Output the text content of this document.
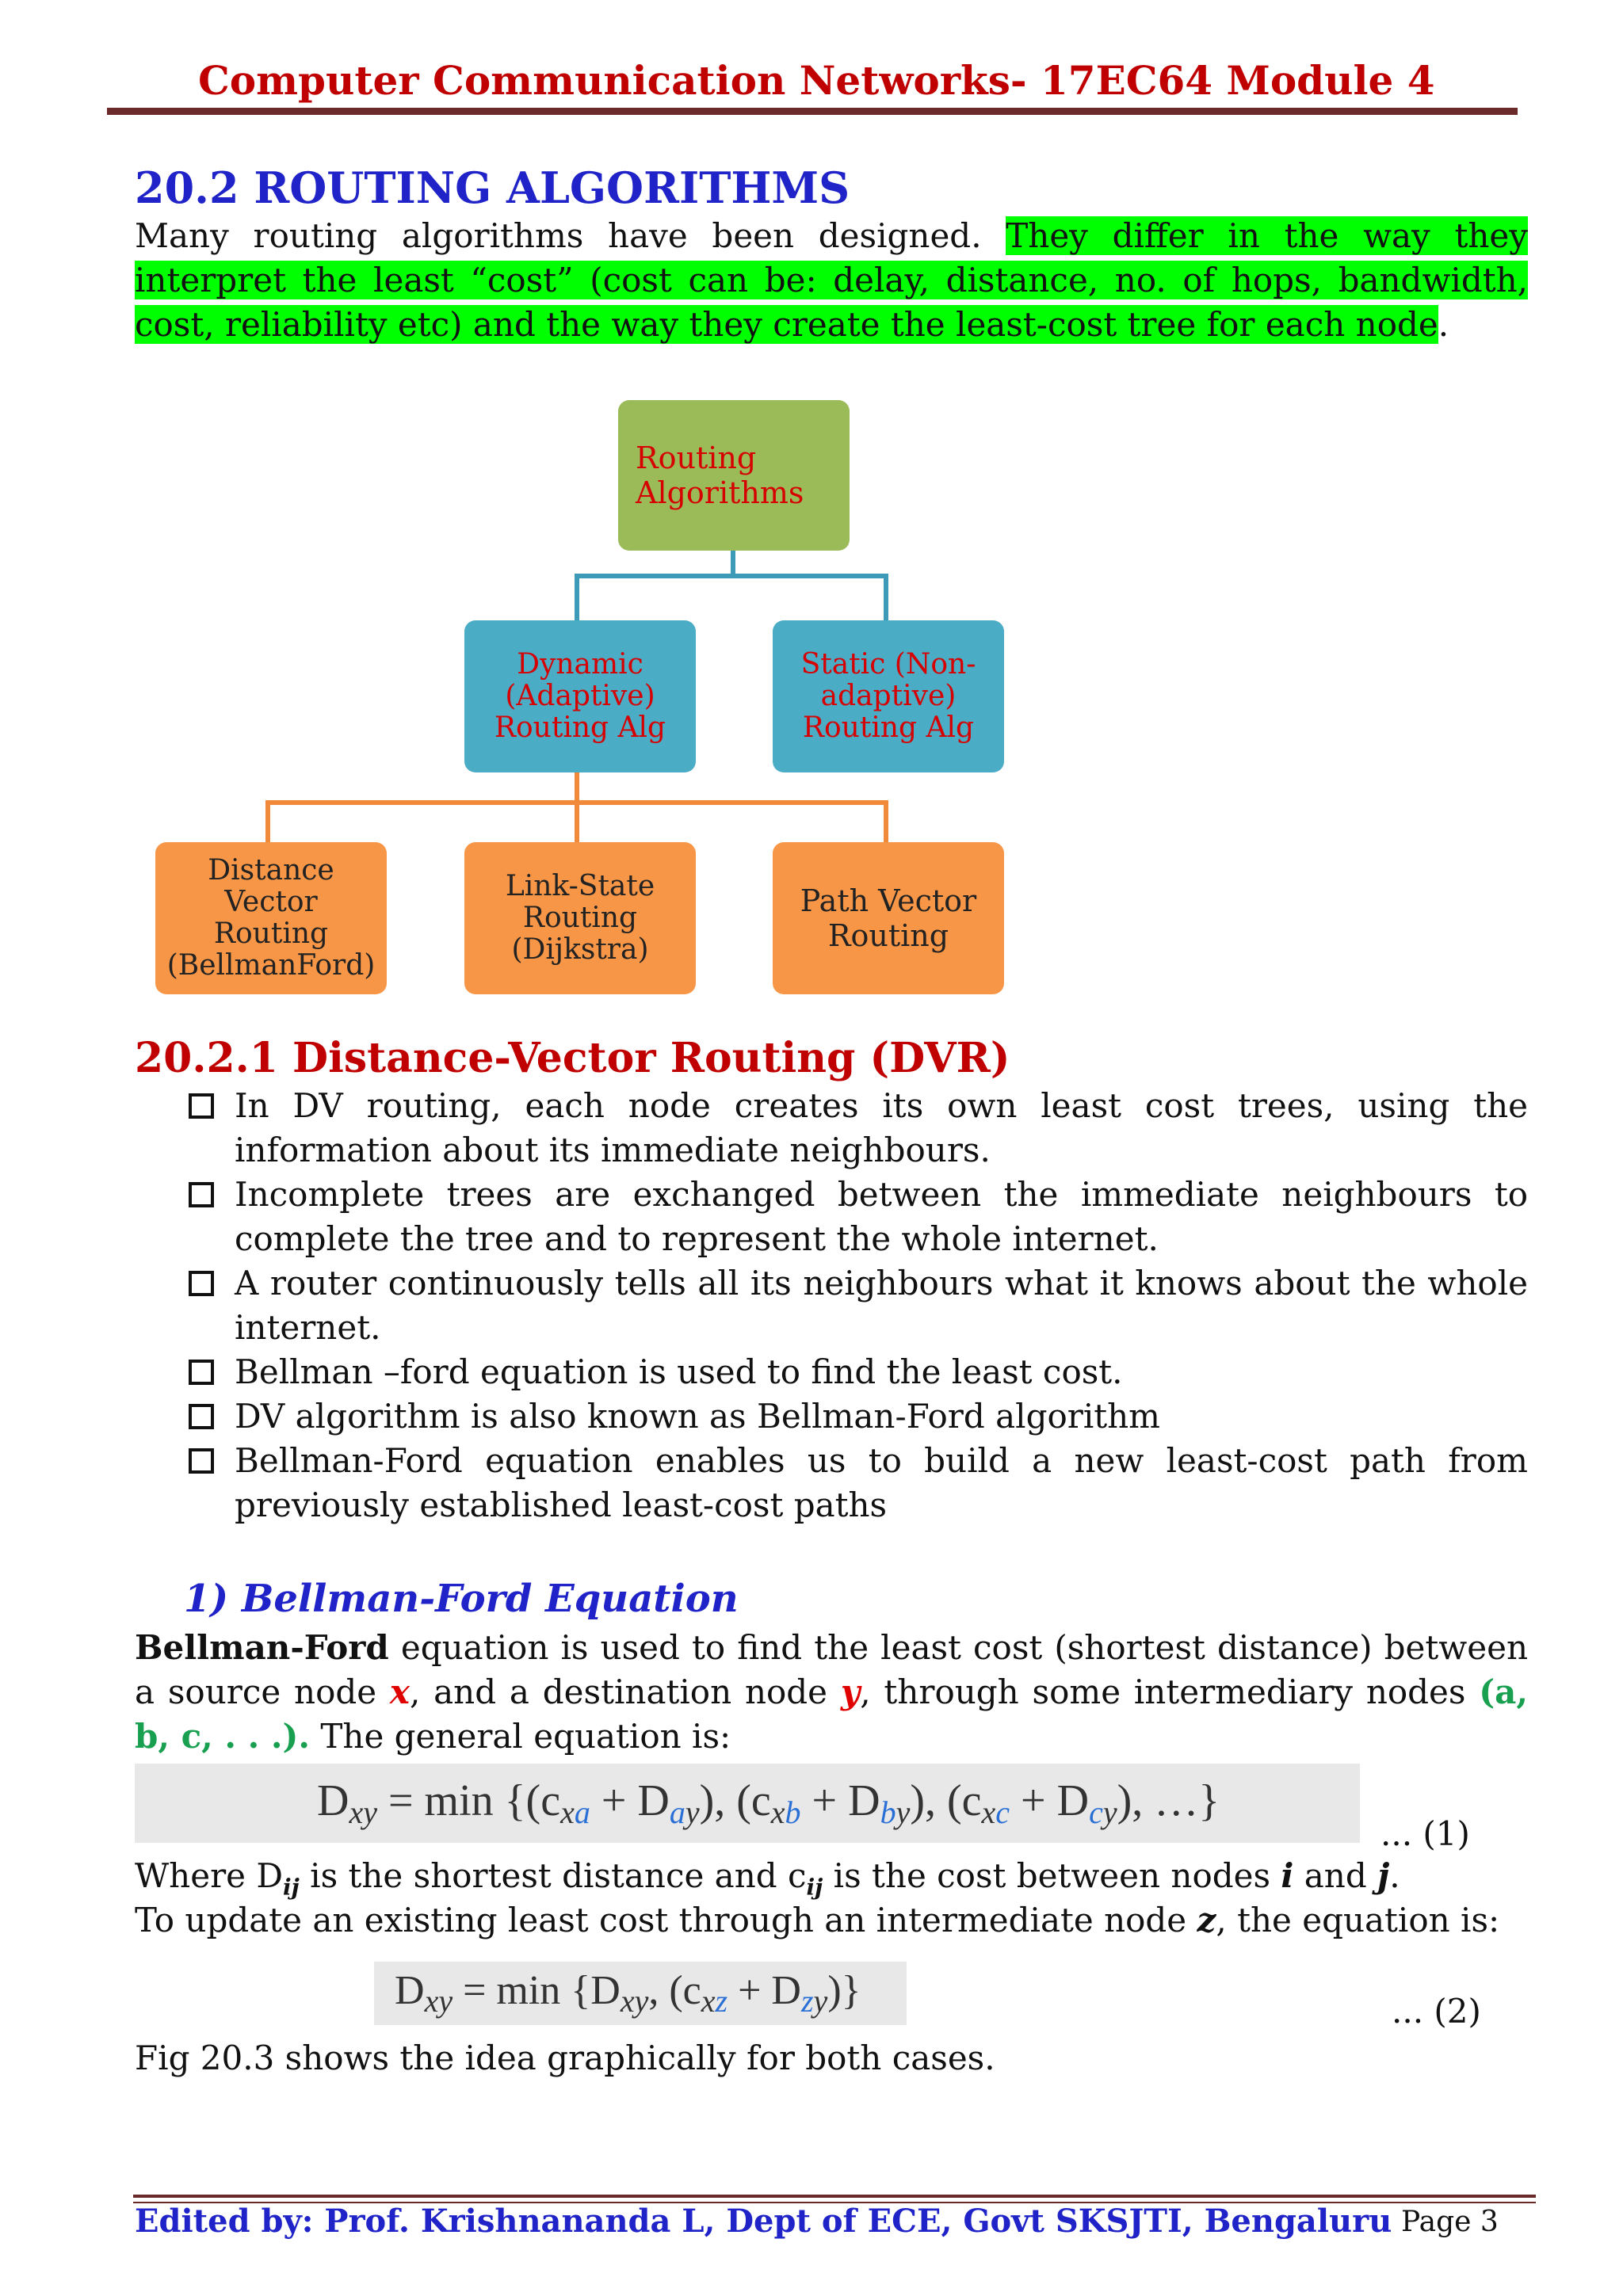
Computer Communication Networks- 17EC64 Module 4
20.2 ROUTING ALGORITHMS
Many routing algorithms have been designed. They differ in the way they interpret the least “cost” (cost can be: delay, distance, no. of hops, bandwidth, cost, reliability etc) and the way they create the least-cost tree for each node.
Routing
Algorithms
Dynamic
(Adaptive)
Routing Alg
Static (Non-
adaptive)
Routing Alg
Distance Vector
Routing
(BellmanFord)
Link-State
Routing
(Dijkstra)
Path Vector
Routing
20.2.1 Distance-Vector Routing (DVR)
In DV routing, each node creates its own least cost trees, using the information about its immediate neighbours.
Incomplete trees are exchanged between the immediate neighbours to complete the tree and to represent the whole internet.
A router continuously tells all its neighbours what it knows about the whole internet.
Bellman –ford equation is used to find the least cost.
DV algorithm is also known as Bellman-Ford algorithm
Bellman-Ford equation enables us to build a new least-cost path from previously established least-cost paths
1) Bellman-Ford Equation
Bellman-Ford equation is used to find the least cost (shortest distance) between a source node x, and a destination node y, through some intermediary nodes (a, b, c, . . .). The general equation is:
Dxy = min {(cxa + Day), (cxb + Dby), (cxc + Dcy), …}
... (1)
Where $D_{ij}$ is the shortest distance and $c_{ij}$ is the cost between nodes i and j.
To update an existing least cost through an intermediate node z, the equation is:
Dxy = min {Dxy, (cxz + Dzy)}	... (2)
Fig 20.3 shows the idea graphically for both cases.
Edited by: Prof. Krishnananda L, Dept of ECE, Govt SKSJTI, Bengaluru Page 3
